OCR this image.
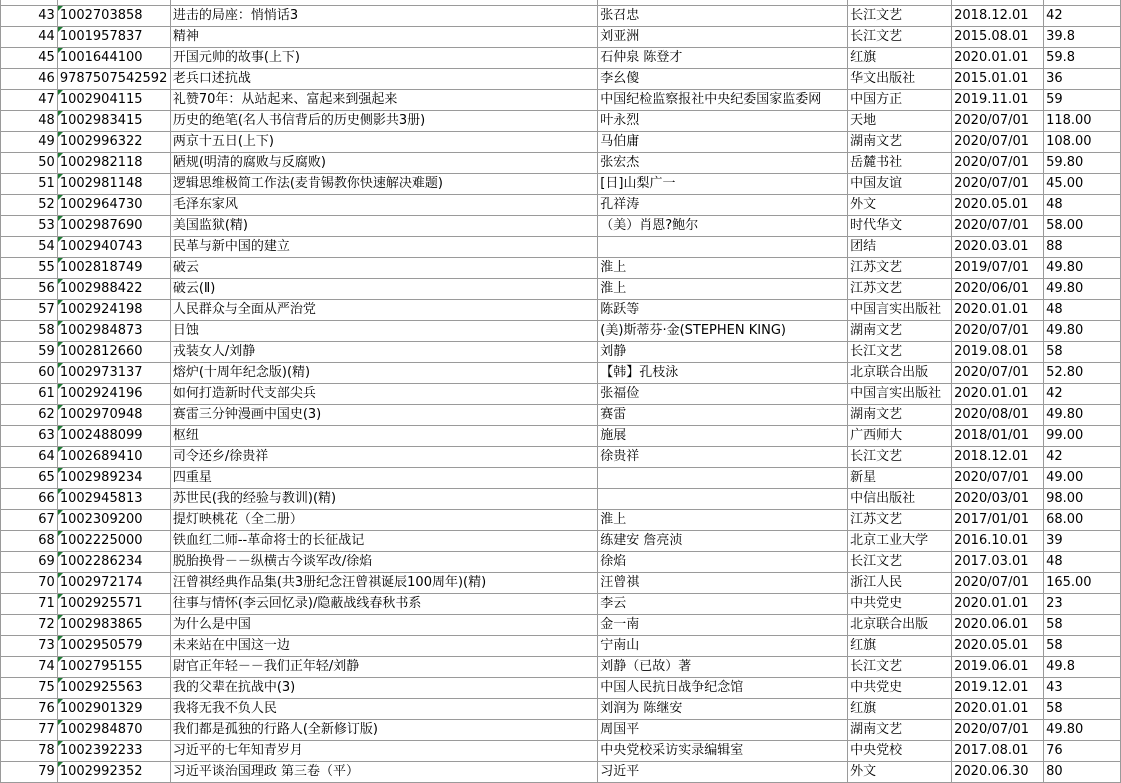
43	1002703858	进击的局座：悄悄话3	张召忠	长江文艺	2018.12.01	42
44	1001957837	精神	刘亚洲	长江文艺	2015.08.01	39.8
45	1001644100	开国元帅的故事(上下)	石仲泉 陈登才	红旗	2020.01.01	59.8
46	9787507542592	老兵口述抗战	李幺傻	华文出版社	2015.01.01	36
47	1002904115	礼赞70年：从站起来、富起来到强起来	中国纪检监察报社中央纪委国家监委网	中国方正	2019.11.01	59
48	1002983415	历史的绝笔(名人书信背后的历史侧影共3册)	叶永烈	天地	2020/07/01	118.00
49	1002996322	两京十五日(上下)	马伯庸	湖南文艺	2020/07/01	108.00
50	1002982118	陋规(明清的腐败与反腐败)	张宏杰	岳麓书社	2020/07/01	59.80
51	1002981148	逻辑思维极简工作法(麦肯锡教你快速解决难题)	[日]山梨广一	中国友谊	2020/07/01	45.00
52	1002964730	毛泽东家风	孔祥涛	外文	2020.05.01	48
53	1002987690	美国监狱(精)	（美）肖恩?鲍尔	时代华文	2020/07/01	58.00
54	1002940743	民革与新中国的建立		团结	2020.03.01	88
55	1002818749	破云	淮上	江苏文艺	2019/07/01	49.80
56	1002988422	破云(Ⅱ)	淮上	江苏文艺	2020/06/01	49.80
57	1002924198	人民群众与全面从严治党	陈跃等	中国言实出版社	2020.01.01	48
58	1002984873	日蚀	(美)斯蒂芬·金(STEPHEN KING)	湖南文艺	2020/07/01	49.80
59	1002812660	戎装女人/刘静	刘静	长江文艺	2019.08.01	58
60	1002973137	熔炉(十周年纪念版)(精)	【韩】孔枝泳	北京联合出版	2020/07/01	52.80
61	1002924196	如何打造新时代支部尖兵	张福俭	中国言实出版社	2020.01.01	42
62	1002970948	赛雷三分钟漫画中国史(3)	赛雷	湖南文艺	2020/08/01	49.80
63	1002488099	枢纽	施展	广西师大	2018/01/01	99.00
64	1002689410	司令还乡/徐贵祥	徐贵祥	长江文艺	2018.12.01	42
65	1002989234	四重星		新星	2020/07/01	49.00
66	1002945813	苏世民(我的经验与教训)(精)		中信出版社	2020/03/01	98.00
67	1002309200	提灯映桃花（全二册）	淮上	江苏文艺	2017/01/01	68.00
68	1002225000	铁血红二师--革命将士的长征战记	练建安 詹亮浈	北京工业大学	2016.10.01	39
69	1002286234	脱胎换骨－－纵横古今谈军改/徐焰	徐焰	长江文艺	2017.03.01	48
70	1002972174	汪曾祺经典作品集(共3册纪念汪曾祺诞辰100周年)(精)	汪曾祺	浙江人民	2020/07/01	165.00
71	1002925571	往事与情怀(李云回忆录)/隐蔽战线春秋书系	李云	中共党史	2020.01.01	23
72	1002983865	为什么是中国	金一南	北京联合出版	2020.06.01	58
73	1002950579	未来站在中国这一边	宁南山	红旗	2020.05.01	58
74	1002795155	尉官正年轻－－我们正年轻/刘静	刘静（已故）著	长江文艺	2019.06.01	49.8
75	1002925563	我的父辈在抗战中(3)	中国人民抗日战争纪念馆	中共党史	2019.12.01	43
76	1002901329	我将无我不负人民	刘润为 陈继安	红旗	2020.01.01	58
77	1002984870	我们都是孤独的行路人(全新修订版)	周国平	湖南文艺	2020/07/01	49.80
78	1002392233	习近平的七年知青岁月	中央党校采访实录编辑室	中央党校	2017.08.01	76
79	1002992352	习近平谈治国理政 第三卷（平）	习近平	外文	2020.06.30	80
